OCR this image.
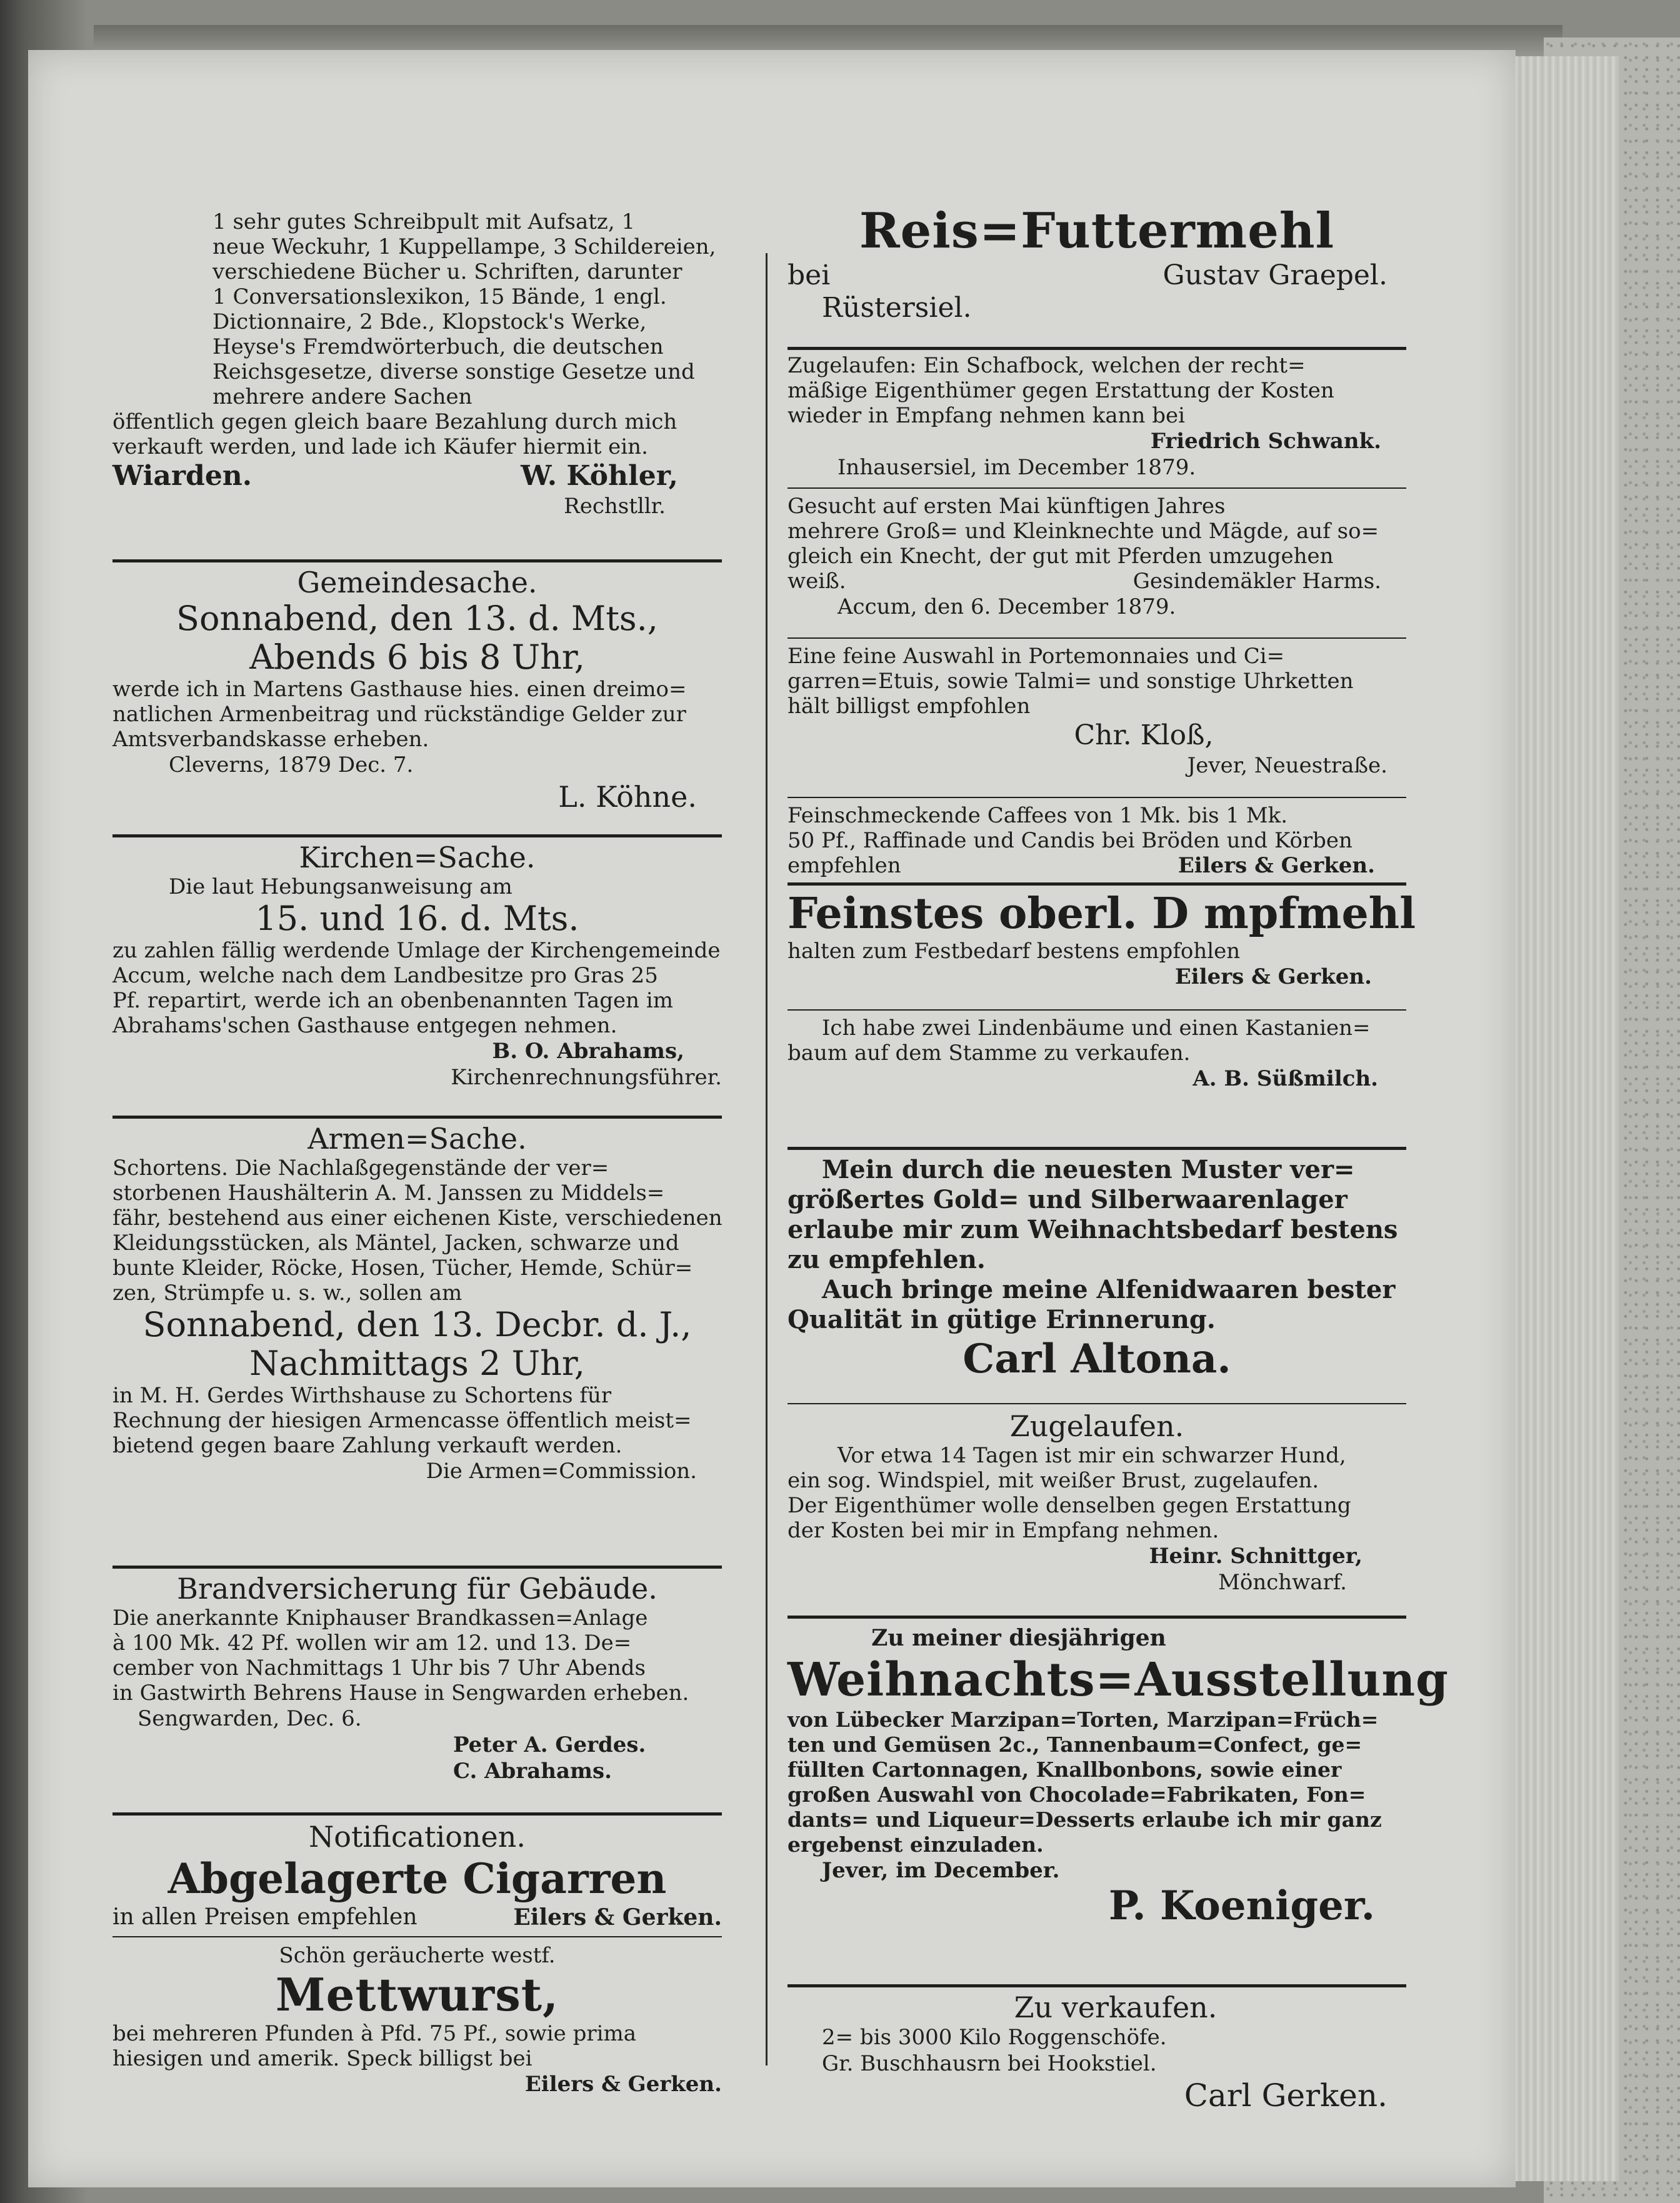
1 sehr gutes Schreibpult mit Aufsatz, 1
neue Weckuhr, 1 Kuppellampe, 3 Schildereien,
verschiedene Bücher u. Schriften, darunter
1 Conversationslexikon, 15 Bände, 1 engl.
Dictionnaire, 2 Bde., Klopstock's Werke,
Heyse's Fremdwörterbuch, die deutschen
Reichsgesetze, diverse sonstige Gesetze und
mehrere andere Sachen
öffentlich gegen gleich baare Bezahlung durch mich
verkauft werden, und lade ich Käufer hiermit ein.
Wiarden.	W. Köhler,
Rechstllr.
Gemeindesache.
Sonnabend, den 13. d. Mts.,
Abends 6 bis 8 Uhr,
werde ich in Martens Gasthause hies. einen dreimo=
natlichen Armenbeitrag und rückständige Gelder zur
Amtsverbandskasse erheben.
Cleverns, 1879 Dec. 7.
L. Köhne.
Kirchen=Sache.
Die laut Hebungsanweisung am
15. und 16. d. Mts.
zu zahlen fällig werdende Umlage der Kirchengemeinde
Accum, welche nach dem Landbesitze pro Gras 25
Pf. repartirt, werde ich an obenbenannten Tagen im
Abrahams'schen Gasthause entgegen nehmen.
B. O. Abrahams,
Kirchenrechnungsführer.
Armen=Sache.
Schortens. Die Nachlaßgegenstände der ver=
storbenen Haushälterin A. M. Janssen zu Middels=
fähr, bestehend aus einer eichenen Kiste, verschiedenen
Kleidungsstücken, als Mäntel, Jacken, schwarze und
bunte Kleider, Röcke, Hosen, Tücher, Hemde, Schür=
zen, Strümpfe u. s. w., sollen am
Sonnabend, den 13. Decbr. d. J.,
Nachmittags 2 Uhr,
in M. H. Gerdes Wirthshause zu Schortens für
Rechnung der hiesigen Armencasse öffentlich meist=
bietend gegen baare Zahlung verkauft werden.
Die Armen=Commission.
Brandversicherung für Gebäude.
Die anerkannte Kniphauser Brandkassen=Anlage
à 100 Mk. 42 Pf. wollen wir am 12. und 13. De=
cember von Nachmittags 1 Uhr bis 7 Uhr Abends
in Gastwirth Behrens Hause in Sengwarden erheben.
Sengwarden, Dec. 6.
Peter A. Gerdes.
C. Abrahams.
Notificationen.
Abgelagerte Cigarren
in allen Preisen empfehlen	Eilers & Gerken.
Schön geräucherte westf.
Mettwurst,
bei mehreren Pfunden à Pfd. 75 Pf., sowie prima
hiesigen und amerik. Speck billigst bei
Eilers & Gerken.
Reis=Futtermehl
bei	Gustav Graepel.
Rüstersiel.
Zugelaufen: Ein Schafbock, welchen der recht=
mäßige Eigenthümer gegen Erstattung der Kosten
wieder in Empfang nehmen kann bei
Friedrich Schwank.
Inhausersiel, im December 1879.
Gesucht auf ersten Mai künftigen Jahres
mehrere Groß= und Kleinknechte und Mägde, auf so=
gleich ein Knecht, der gut mit Pferden umzugehen
weiß.	Gesindemäkler Harms.
Accum, den 6. December 1879.
Eine feine Auswahl in Portemonnaies und Ci=
garren=Etuis, sowie Talmi= und sonstige Uhrketten
hält billigst empfohlen
Chr. Kloß,
Jever, Neuestraße.
Feinschmeckende Caffees von 1 Mk. bis 1 Mk.
50 Pf., Raffinade und Candis bei Bröden und Körben
empfehlen	Eilers & Gerken.
Feinstes oberl. D mpfmehl
halten zum Festbedarf bestens empfohlen
Eilers & Gerken.
Ich habe zwei Lindenbäume und einen Kastanien=
baum auf dem Stamme zu verkaufen.
A. B. Süßmilch.
Mein durch die neuesten Muster ver=
größertes Gold= und Silberwaarenlager
erlaube mir zum Weihnachtsbedarf bestens
zu empfehlen.
Auch bringe meine Alfenidwaaren bester
Qualität in gütige Erinnerung.
Carl Altona.
Zugelaufen.
Vor etwa 14 Tagen ist mir ein schwarzer Hund,
ein sog. Windspiel, mit weißer Brust, zugelaufen.
Der Eigenthümer wolle denselben gegen Erstattung
der Kosten bei mir in Empfang nehmen.
Heinr. Schnittger,
Mönchwarf.
Zu meiner diesjährigen
Weihnachts=Ausstellung
von Lübecker Marzipan=Torten, Marzipan=Früch=
ten und Gemüsen 2c., Tannenbaum=Confect, ge=
füllten Cartonnagen, Knallbonbons, sowie einer
großen Auswahl von Chocolade=Fabrikaten, Fon=
dants= und Liqueur=Desserts erlaube ich mir ganz
ergebenst einzuladen.
Jever, im December.
P. Koeniger.
Zu verkaufen.
2= bis 3000 Kilo Roggenschöfe.
Gr. Buschhausrn bei Hookstiel.
Carl Gerken.
